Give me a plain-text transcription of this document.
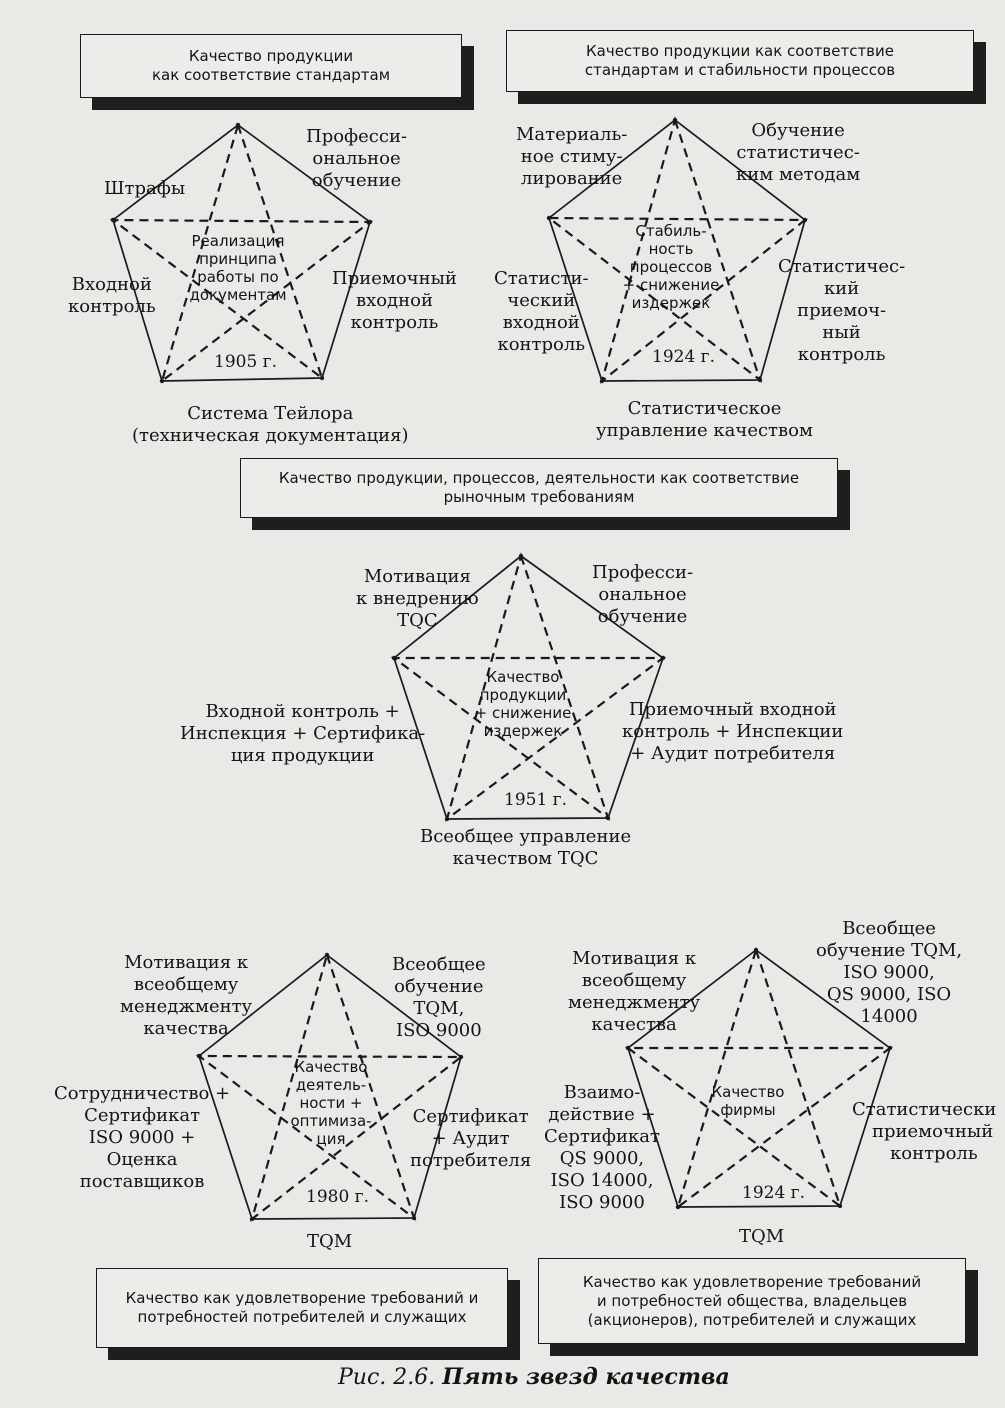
Качество продукции
как соответствие стандартам
Штрафы
Професси-
ональное
обучение
Входной
контроль
Приемочный
входной
контроль
Реализация
принципа
работы по
документам
1905 г.
Система Тейлора
(техническая документация)
Качество продукции как соответствие
стандартам и стабильности процессов
Материаль-
ное стиму-
лирование
Обучение
статистичес-
ким методам
Статисти-
ческий
входной
контроль
Статистичес-
кий
приемоч-
ный
контроль
Стабиль-
ность
процессов
+ снижение
издержек
1924 г.
Статистическое
управление качеством
Качество продукции, процессов, деятельности как соответствие
рыночным требованиям
Мотивация
к внедрению
TQC
Професси-
ональное
обучение
Входной контроль +
Инспекция + Сертифика-
ция продукции
Приемочный входной
контроль + Инспекции
+ Аудит потребителя
Качество
продукции
+ снижение
издержек
1951 г.
Всеобщее управление
качеством TQC
Мотивация к
всеобщему
менеджменту
качества
Всеобщее
обучение
TQM,
ISO 9000
Сотрудничество +
Сертификат
ISO 9000 +
Оценка
поставщиков
Сертификат
+ Аудит
потребителя
Качество
деятель-
ности +
оптимиза-
ция
1980 г.
TQM
Качество как удовлетворение требований и
потребностей потребителей и служащих
Мотивация к
всеобщему
менеджменту
качества
Всеобщее
обучение TQM,
ISO 9000,
QS 9000, ISO
14000
Взаимо-
действие +
Сертификат
QS 9000,
ISO 14000,
ISO 9000
Статистически
приемочный
контроль
Качество
фирмы
1924 г.
TQM
Качество как удовлетворение требований
и потребностей общества, владельцев
(акционеров), потребителей и служащих
Рис. 2.6. Пять звезд качества
